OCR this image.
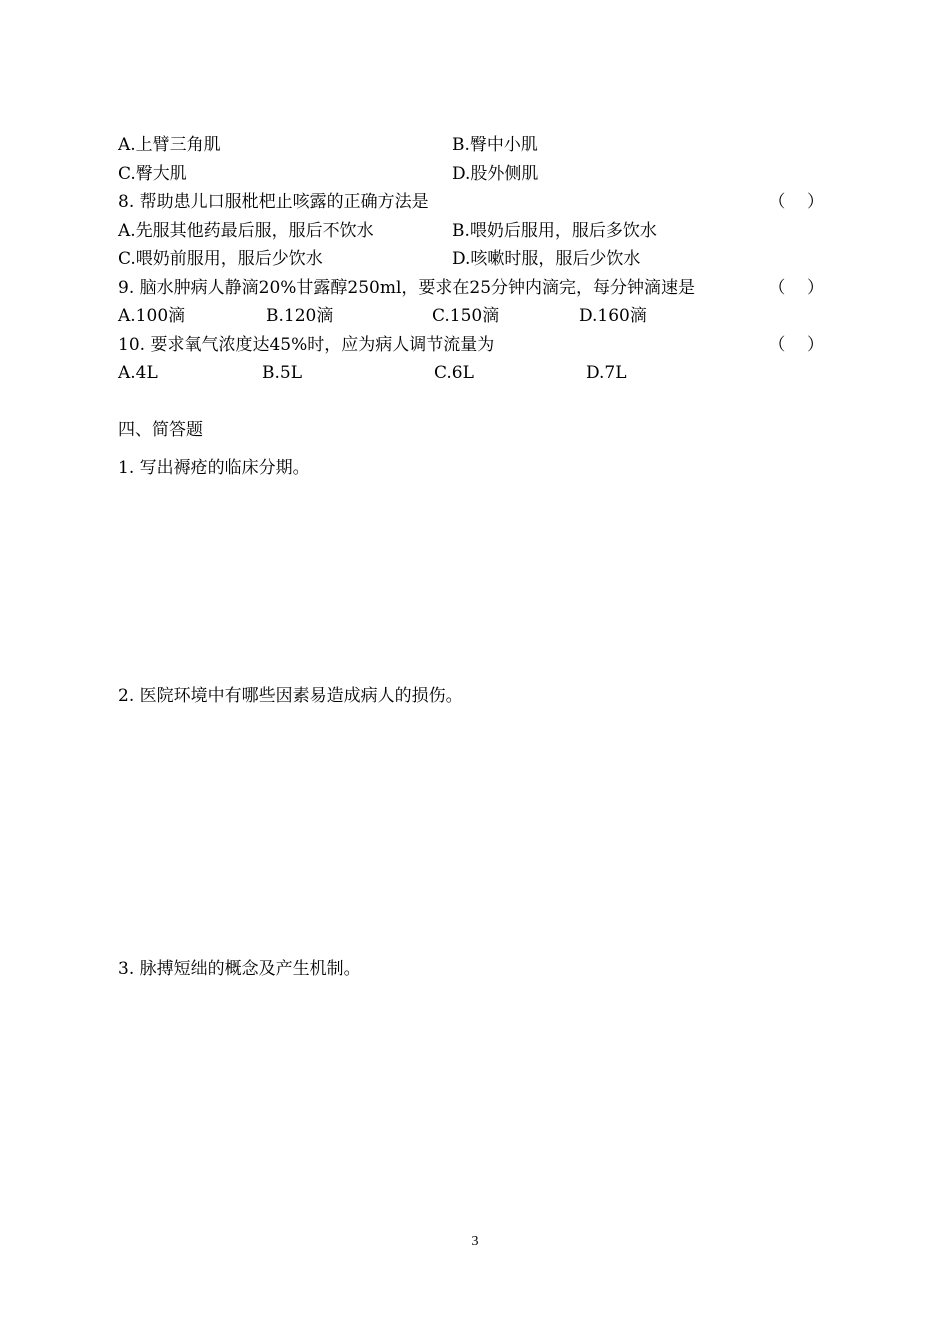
A.上臂三角肌	B.臀中小肌
C.臀大肌	D.股外侧肌
8. 帮助患儿口服枇杷止咳露的正确方法是	（    ）
A.先服其他药最后服，服后不饮水	B.喂奶后服用，服后多饮水
C.喂奶前服用，服后少饮水	D.咳嗽时服，服后少饮水
9. 脑水肿病人静滴20%甘露醇250ml，要求在25分钟内滴完，每分钟滴速是	（    ）
A.100滴	B.120滴	C.150滴	D.160滴
10. 要求氧气浓度达45%时，应为病人调节流量为	（    ）
A.4L	B.5L	C.6L	D.7L
四、简答题
1. 写出褥疮的临床分期。
2. 医院环境中有哪些因素易造成病人的损伤。
3. 脉搏短绌的概念及产生机制。
3
